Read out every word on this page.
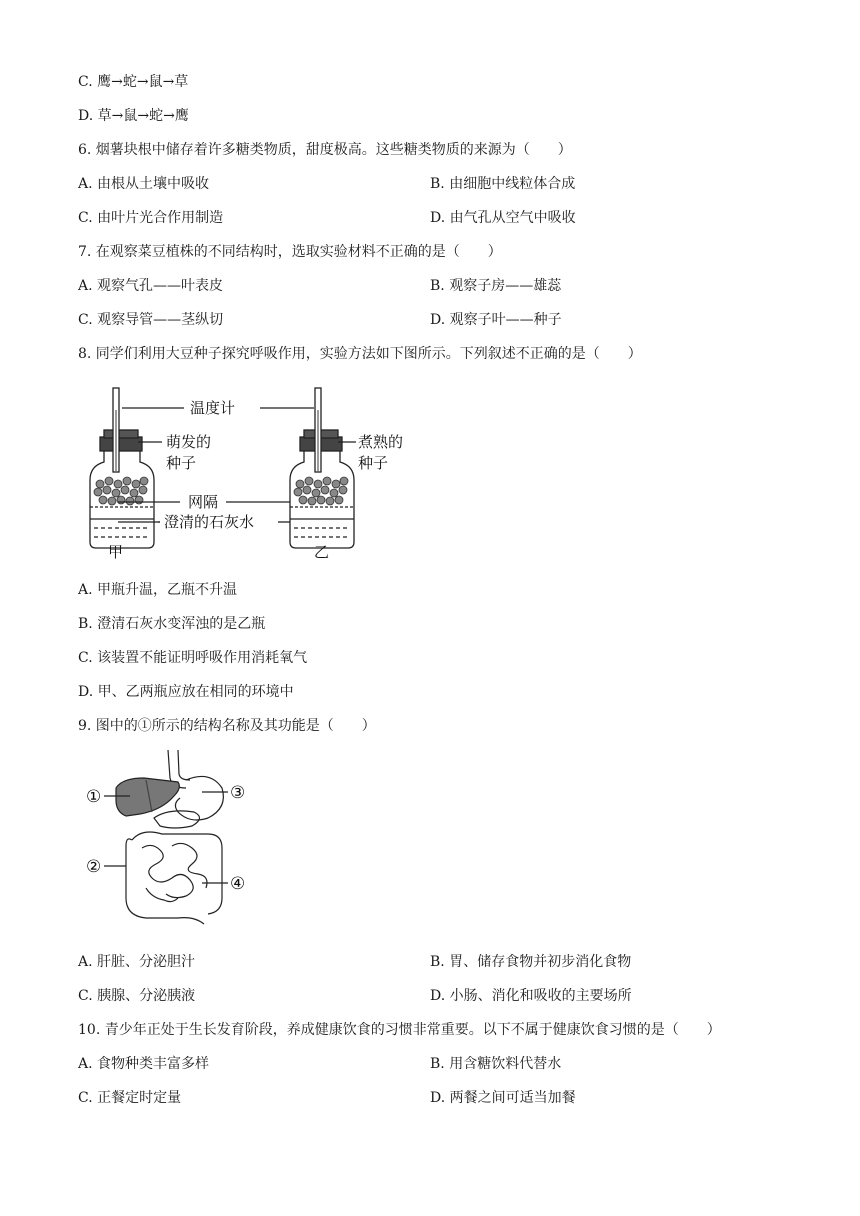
C. 鹰→蛇→鼠→草
D. 草→鼠→蛇→鹰
6. 烟薯块根中储存着许多糖类物质，甜度极高。这些糖类物质的来源为（　　）
A. 由根从土壤中吸收	B. 由细胞中线粒体合成
C. 由叶片光合作用制造	D. 由气孔从空气中吸收
7. 在观察菜豆植株的不同结构时，选取实验材料不正确的是（　　）
A. 观察气孔——叶表皮	B. 观察子房——雄蕊
C. 观察导管——茎纵切	D. 观察子叶——种子
8. 同学们利用大豆种子探究呼吸作用，实验方法如下图所示。下列叙述不正确的是（　　）
温度计
萌发的
种子
煮熟的
种子
网隔
澄清的石灰水
甲	乙
A. 甲瓶升温，乙瓶不升温
B. 澄清石灰水变浑浊的是乙瓶
C. 该装置不能证明呼吸作用消耗氧气
D. 甲、乙两瓶应放在相同的环境中
9. 图中的①所示的结构名称及其功能是（　　）
①	③
②
④
A. 肝脏、分泌胆汁	B. 胃、储存食物并初步消化食物
C. 胰腺、分泌胰液	D. 小肠、消化和吸收的主要场所
10. 青少年正处于生长发育阶段，养成健康饮食的习惯非常重要。以下不属于健康饮食习惯的是（　　）
A. 食物种类丰富多样	B. 用含糖饮料代替水
C. 正餐定时定量	D. 两餐之间可适当加餐
